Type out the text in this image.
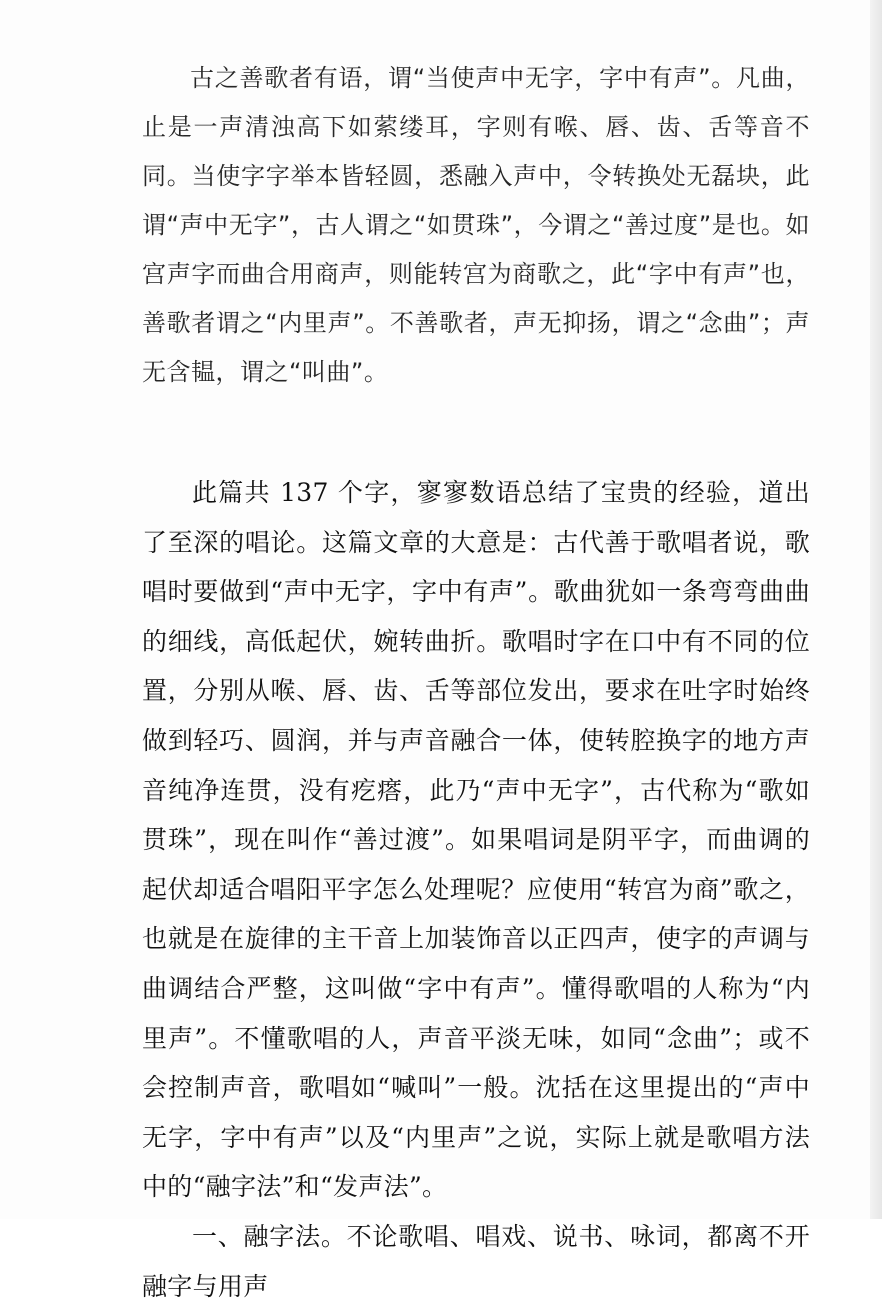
古之善歌者有语，谓“当使声中无字，字中有声”。凡曲，止是一声清浊高下如萦缕耳，字则有喉、唇、齿、舌等音不同。当使字字举本皆轻圆，悉融入声中，令转换处无磊块，此谓“声中无字”，古人谓之“如贯珠”，今谓之“善过度”是也。如宫声字而曲合用商声，则能转宫为商歌之，此“字中有声”也，善歌者谓之“内里声”。不善歌者，声无抑扬，谓之“念曲”；声无含韫，谓之“叫曲”。

此篇共 137 个字，寥寥数语总结了宝贵的经验，道出了至深的唱论。这篇文章的大意是：古代善于歌唱者说，歌唱时要做到“声中无字，字中有声”。歌曲犹如一条弯弯曲曲的细线，高低起伏，婉转曲折。歌唱时字在口中有不同的位置，分别从喉、唇、齿、舌等部位发出，要求在吐字时始终做到轻巧、圆润，并与声音融合一体，使转腔换字的地方声音纯净连贯，没有疙瘩，此乃“声中无字”，古代称为“歌如贯珠”，现在叫作“善过渡”。如果唱词是阴平字，而曲调的起伏却适合唱阳平字怎么处理呢？应使用“转宫为商”歌之，也就是在旋律的主干音上加装饰音以正四声，使字的声调与曲调结合严整，这叫做“字中有声”。懂得歌唱的人称为“内里声”。不懂歌唱的人，声音平淡无味，如同“念曲”；或不会控制声音，歌唱如“喊叫”一般。沈括在这里提出的“声中无字，字中有声”以及“内里声”之说，实际上就是歌唱方法中的“融字法”和“发声法”。

一、融字法。不论歌唱、唱戏、说书、咏词，都离不开融字与用声
